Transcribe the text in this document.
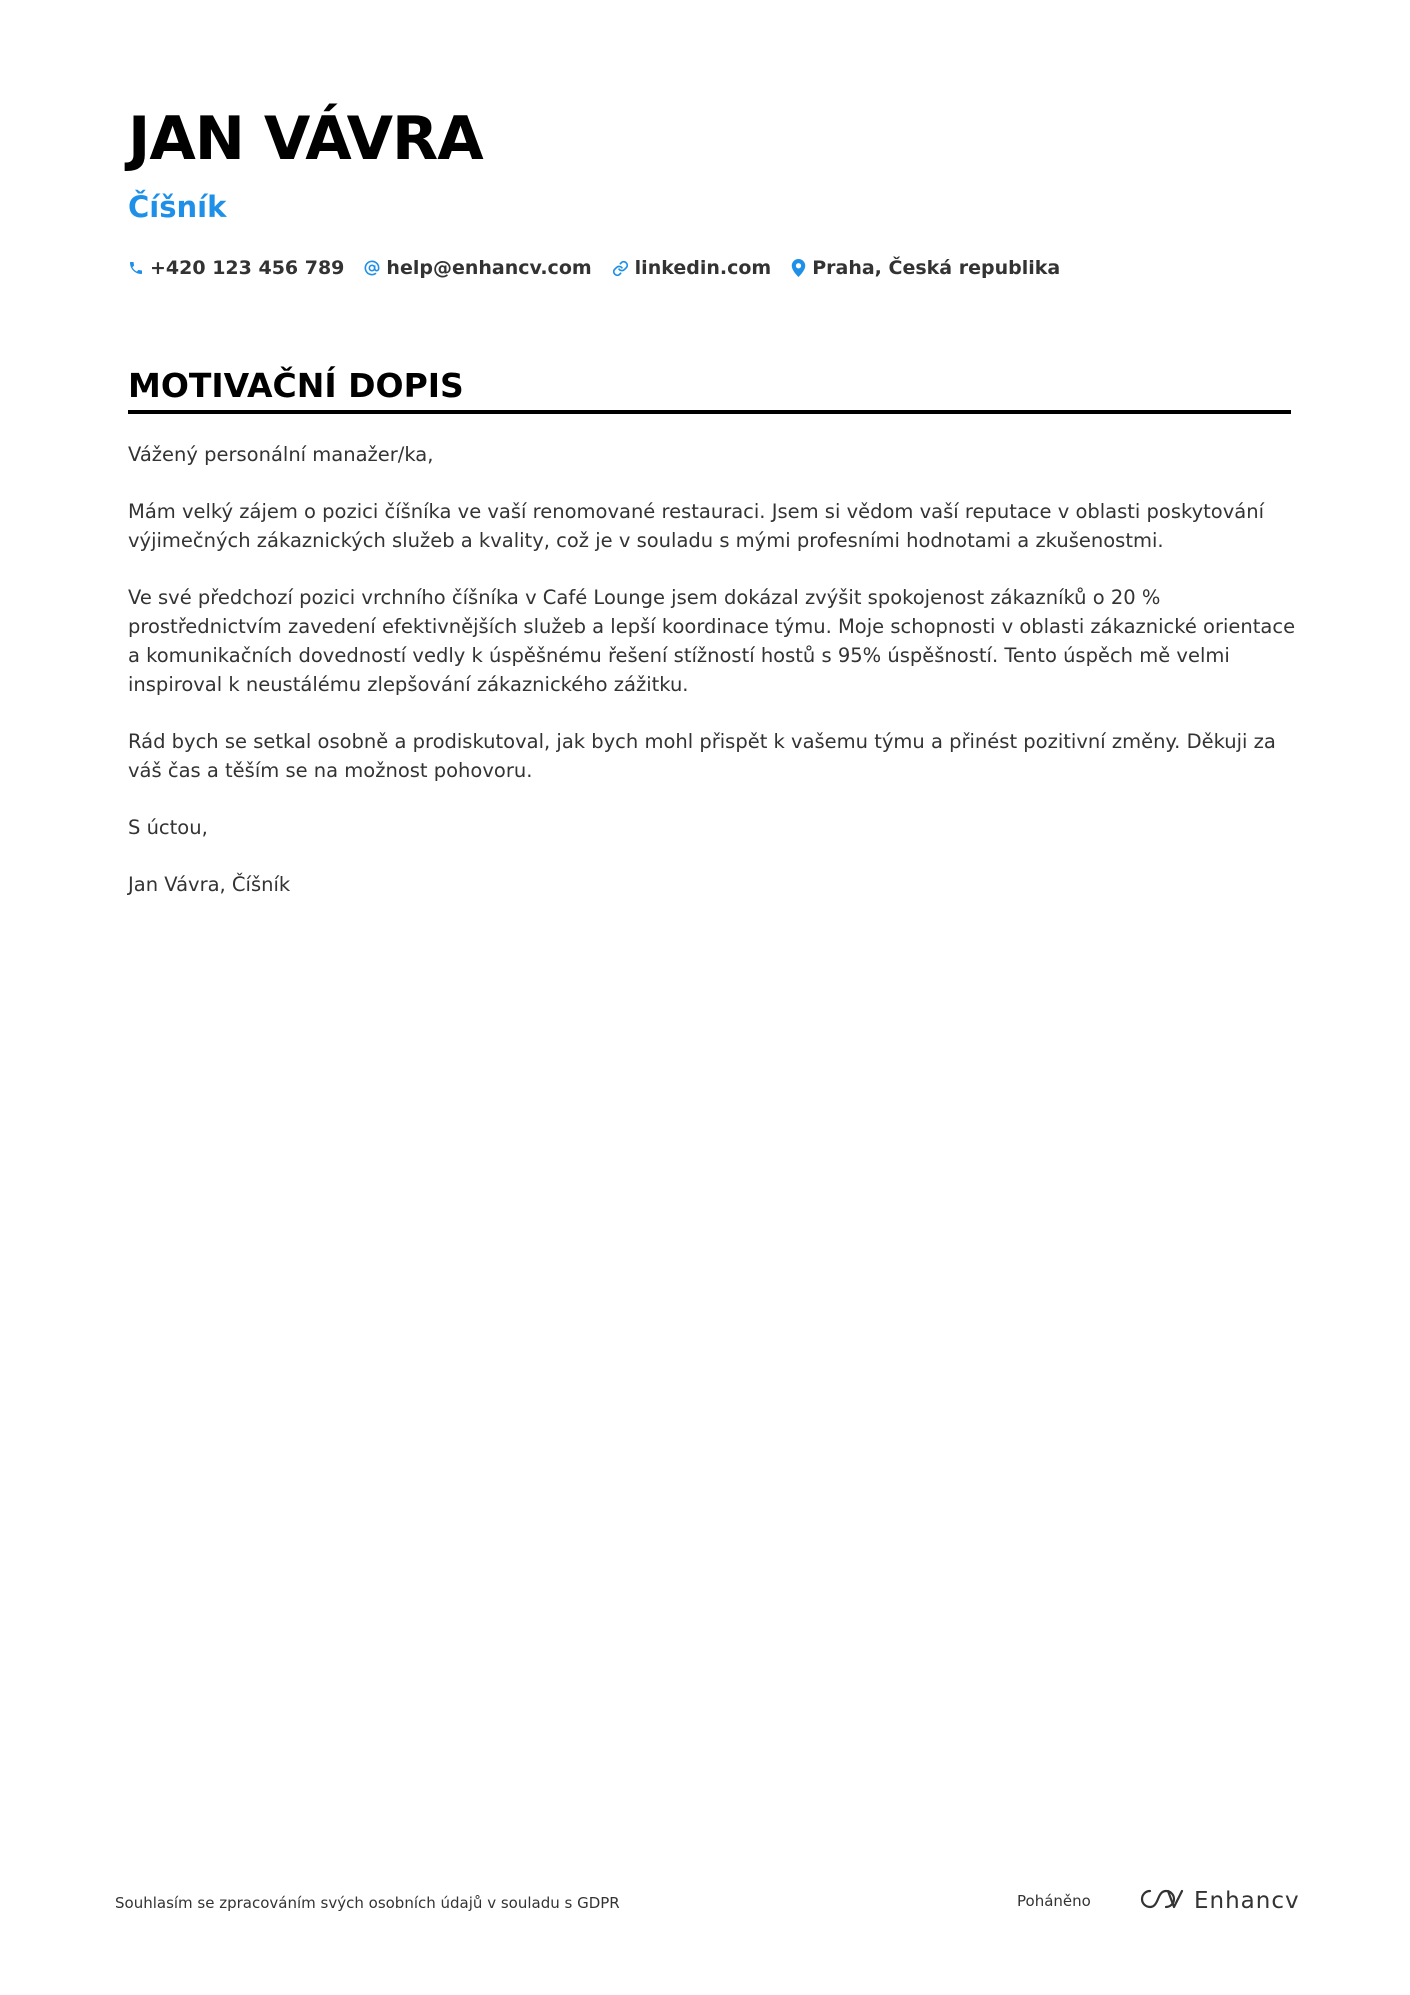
JAN VÁVRA
Číšník
+420 123 456 789 help@enhancv.com linkedin.com Praha, Česká republika
MOTIVAČNÍ DOPIS

Vážený personální manažer/ka,

Mám velký zájem o pozici číšníka ve vaší renomované restauraci. Jsem si vědom vaší reputace v oblasti poskytování výjimečných zákaznických služeb a kvality, což je v souladu s mými profesními hodnotami a zkušenostmi.

Ve své předchozí pozici vrchního číšníka v Café Lounge jsem dokázal zvýšit spokojenost zákazníků o 20 % prostřednictvím zavedení efektivnějších služeb a lepší koordinace týmu. Moje schopnosti v oblasti zákaznické orientace a komunikačních dovedností vedly k úspěšnému řešení stížností hostů s 95% úspěšností. Tento úspěch mě velmi inspiroval k neustálému zlepšování zákaznického zážitku.

Rád bych se setkal osobně a prodiskutoval, jak bych mohl přispět k vašemu týmu a přinést pozitivní změny. Děkuji za váš čas a těším se na možnost pohovoru.

S úctou,

Jan Vávra, Číšník

Souhlasím se zpracováním svých osobních údajů v souladu s GDPR	Poháněno	Enhancv
